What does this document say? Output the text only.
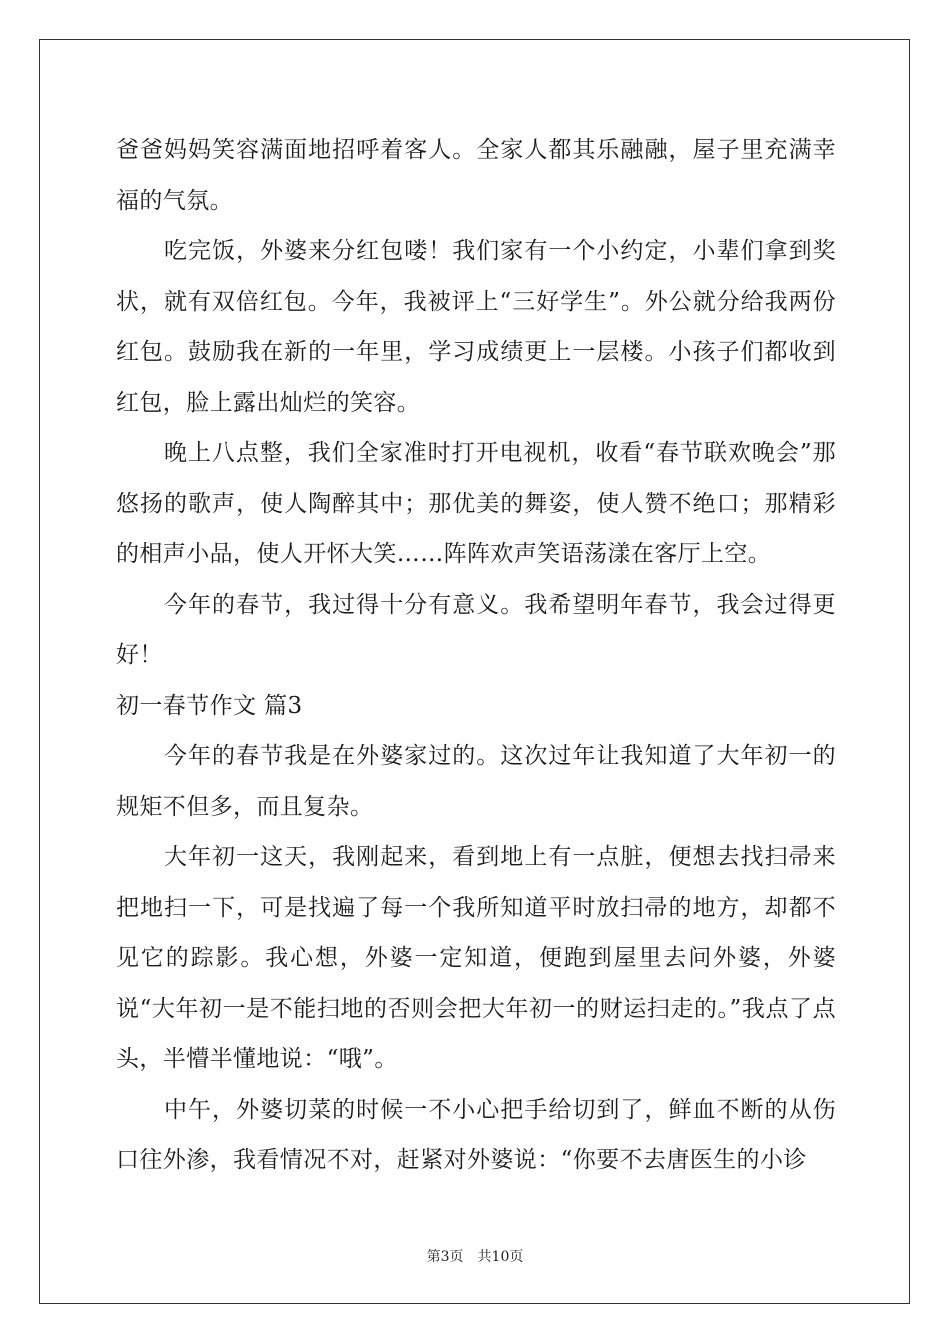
爸爸妈妈笑容满面地招呼着客人。全家人都其乐融融，屋子里充满幸福的气氛。

吃完饭，外婆来分红包喽！我们家有一个小约定，小辈们拿到奖状，就有双倍红包。今年，我被评上“三好学生”。外公就分给我两份红包。鼓励我在新的一年里，学习成绩更上一层楼。小孩子们都收到红包，脸上露出灿烂的笑容。

晚上八点整，我们全家准时打开电视机，收看“春节联欢晚会”那悠扬的歌声，使人陶醉其中；那优美的舞姿，使人赞不绝口；那精彩的相声小品，使人开怀大笑……阵阵欢声笑语荡漾在客厅上空。

今年的春节，我过得十分有意义。我希望明年春节，我会过得更好！

初一春节作文 篇3

今年的春节我是在外婆家过的。这次过年让我知道了大年初一的规矩不但多，而且复杂。

大年初一这天，我刚起来，看到地上有一点脏，便想去找扫帚来把地扫一下，可是找遍了每一个我所知道平时放扫帚的地方，却都不见它的踪影。我心想，外婆一定知道，便跑到屋里去问外婆，外婆说“大年初一是不能扫地的否则会把大年初一的财运扫走的。”我点了点头，半懵半懂地说：“哦”。

中午，外婆切菜的时候一不小心把手给切到了，鲜血不断的从伤口往外渗，我看情况不对，赶紧对外婆说：“你要不去唐医生的小诊

第3页 共10页
